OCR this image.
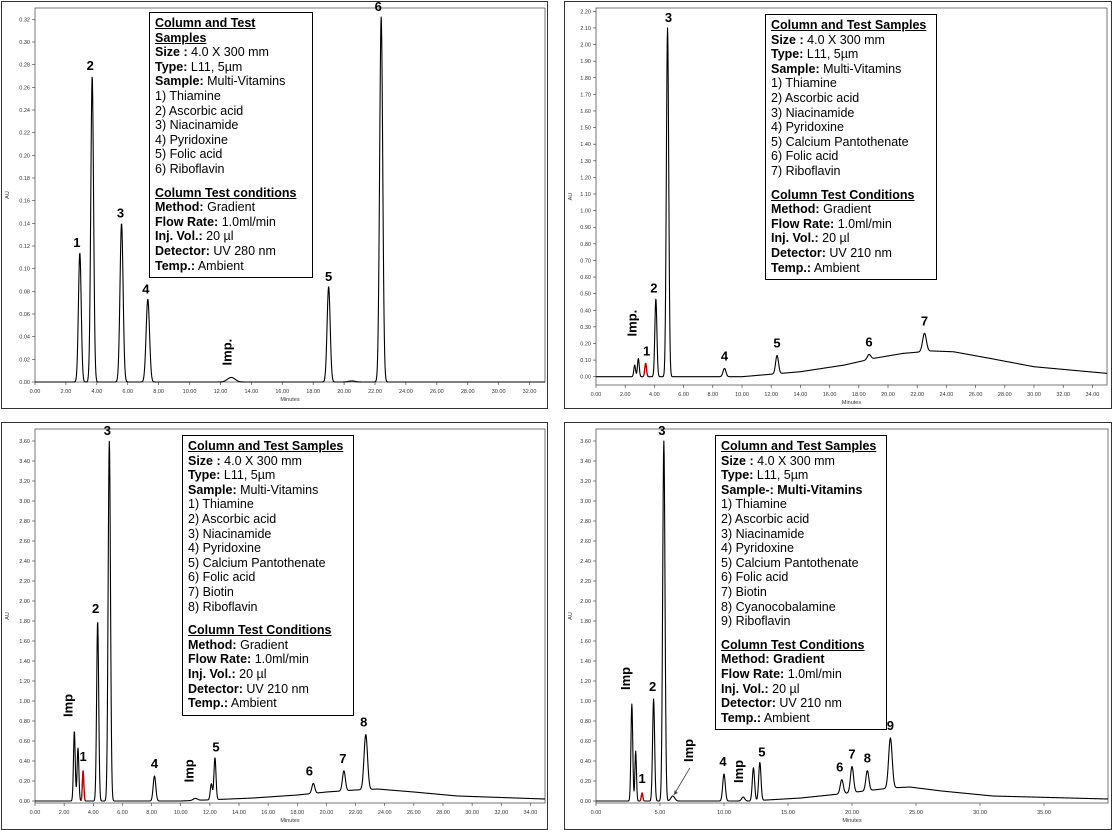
0.00
0.02
0.04
0.06
0.08
0.10
0.12
0.14
0.16
0.18
0.20
0.22
0.24
0.26
0.28
0.30
0.32
0.00	2.00	4.00	6.00	8.00	10.00	12.00	14.00	16.00	18.00	20.00	22.00	24.00	26.00	28.00	30.00	32.00
Minutes
AU
1
2
3
4
Imp.
5
6
Column and Test Samples
Size : 4.0 X 300 mm
Type: L11, 5µm
Sample: Multi-Vitamins
1) Thiamine
2) Ascorbic acid
3) Niacinamide
4) Pyridoxine
5) Folic acid
6) Riboflavin
Column Test conditions
Method: Gradient
Flow Rate: 1.0ml/min
Inj. Vol.: 20 µl
Detector: UV 280 nm
Temp.: Ambient
0.00
0.10
0.20
0.30
0.40
0.50
0.60
0.70
0.80
0.90
1.00
1.10
1.20
1.30
1.40
1.50
1.60
1.70
1.80
1.90
2.00
2.10
2.20
0.00	2.00	4.00	6.00	8.00	10.00	12.00	14.00	16.00	18.00	20.00	22.00	24.00	26.00	28.00	30.00	32.00	34.00
Minutes
AU
Imp.
1
2
3
4
5	6
7
Column and Test Samples
Size : 4.0 X 300 mm
Type: L11, 5µm
Sample: Multi-Vitamins
1) Thiamine
2) Ascorbic acid
3) Niacinamide
4) Pyridoxine
5) Calcium Pantothenate
6) Folic acid
7) Riboflavin
Column Test Conditions
Method: Gradient
Flow Rate: 1.0ml/min
Inj. Vol.: 20 µl
Detector: UV 210 nm
Temp.: Ambient
0.00
0.20
0.40
0.60
0.80
1.00
1.20
1.40
1.60
1.80
2.00
2.20
2.40
2.60
2.80
3.00
3.20
3.40
3.60
0.00	2.00	4.00	6.00	8.00	10.00	12.00	14.00	16.00	18.00	20.00	22.00	24.00	26.00	28.00	30.00	32.00	34.00
Minutes
AU
Imp
1
2
3
4 Imp
5
6
7
8
Column and Test Samples
Size : 4.0 X 300 mm
Type: L11, 5µm
Sample: Multi-Vitamins
1) Thiamine
2) Ascorbic acid
3) Niacinamide
4) Pyridoxine
5) Calcium Pantothenate
6) Folic acid
7) Biotin
8) Riboflavin
Column Test Conditions
Method: Gradient
Flow Rate: 1.0ml/min
Inj. Vol.: 20 µl
Detector: UV 210 nm
Temp.: Ambient
0.00
0.20
0.40
0.60
0.80
1.00
1.20
1.40
1.60
1.80
2.00
2.20
2.40
2.60
2.80
3.00
3.20
3.40
3.60
0.00	5.00	10.00	15.00	20.00	25.00	30.00	35.00
Minutes
AU
Imp
1
2
3
Imp 4 Imp
5
6
7 8
9
Column and Test Samples
Size : 4.0 X 300 mm
Type: L11, 5µm
Sample-: Multi-Vitamins
1) Thiamine
2) Ascorbic acid
3) Niacinamide
4) Pyridoxine
5) Calcium Pantothenate
6) Folic acid
7) Biotin
8) Cyanocobalamine
9) Riboflavin
Column Test Conditions
Method: Gradient
Flow Rate: 1.0ml/min
Inj. Vol.: 20 µl
Detector: UV 210 nm
Temp.: Ambient
